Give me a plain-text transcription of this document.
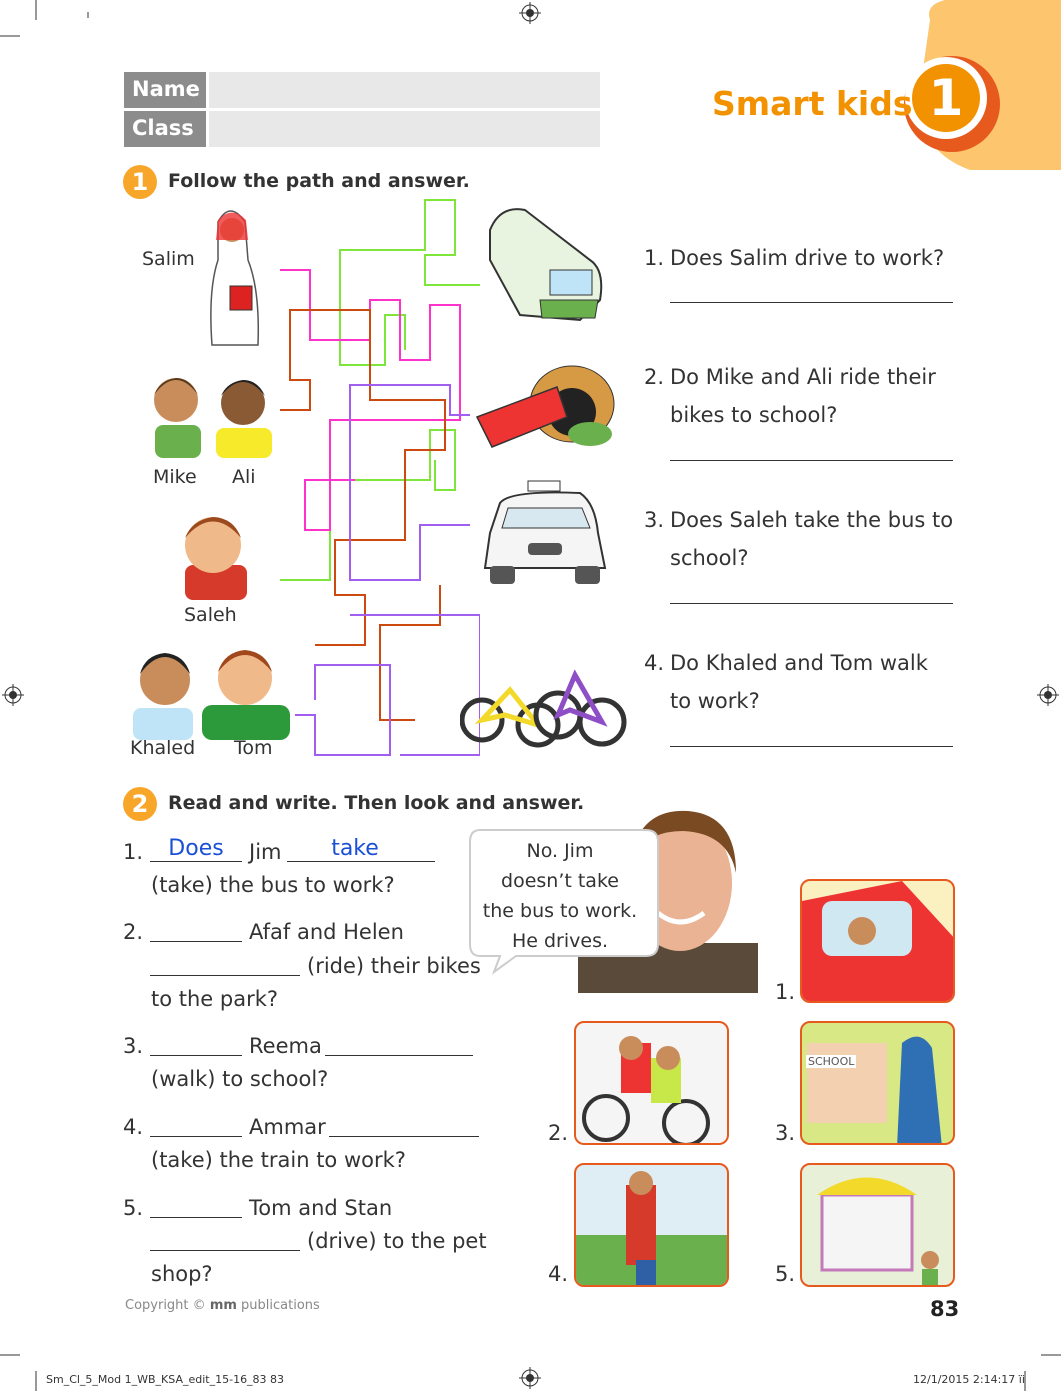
1
Smart kids
Name
Class
1	Follow the path and answer.
Salim
Mike Ali
Saleh
Khaled Tom
1. Does Salim drive to work?
2. Do Mike and Ali ride their
bikes to school?
3. Does Saleh take the bus to
school?
4. Do Khaled and Tom walk
to work?
2	Read and write. Then look and answer.
1.	Does	Jim	take
(take) the bus to work?
2.	Afaf and Helen
(ride) their bikes
to the park?
3.	Reema
(walk) to school?
4.	Ammar
(take) the train to work?
5.	Tom and Stan
(drive) to the pet
shop?
No. Jim
doesn’t take
the bus to work.
He drives.
1.
2.
SCHOOL
3.
4.	5.
Copyright © mm publications	83
Sm_Cl_5_Mod 1_WB_KSA_edit_15-16_83 83	12/1/2015 2:14:17 ïi
